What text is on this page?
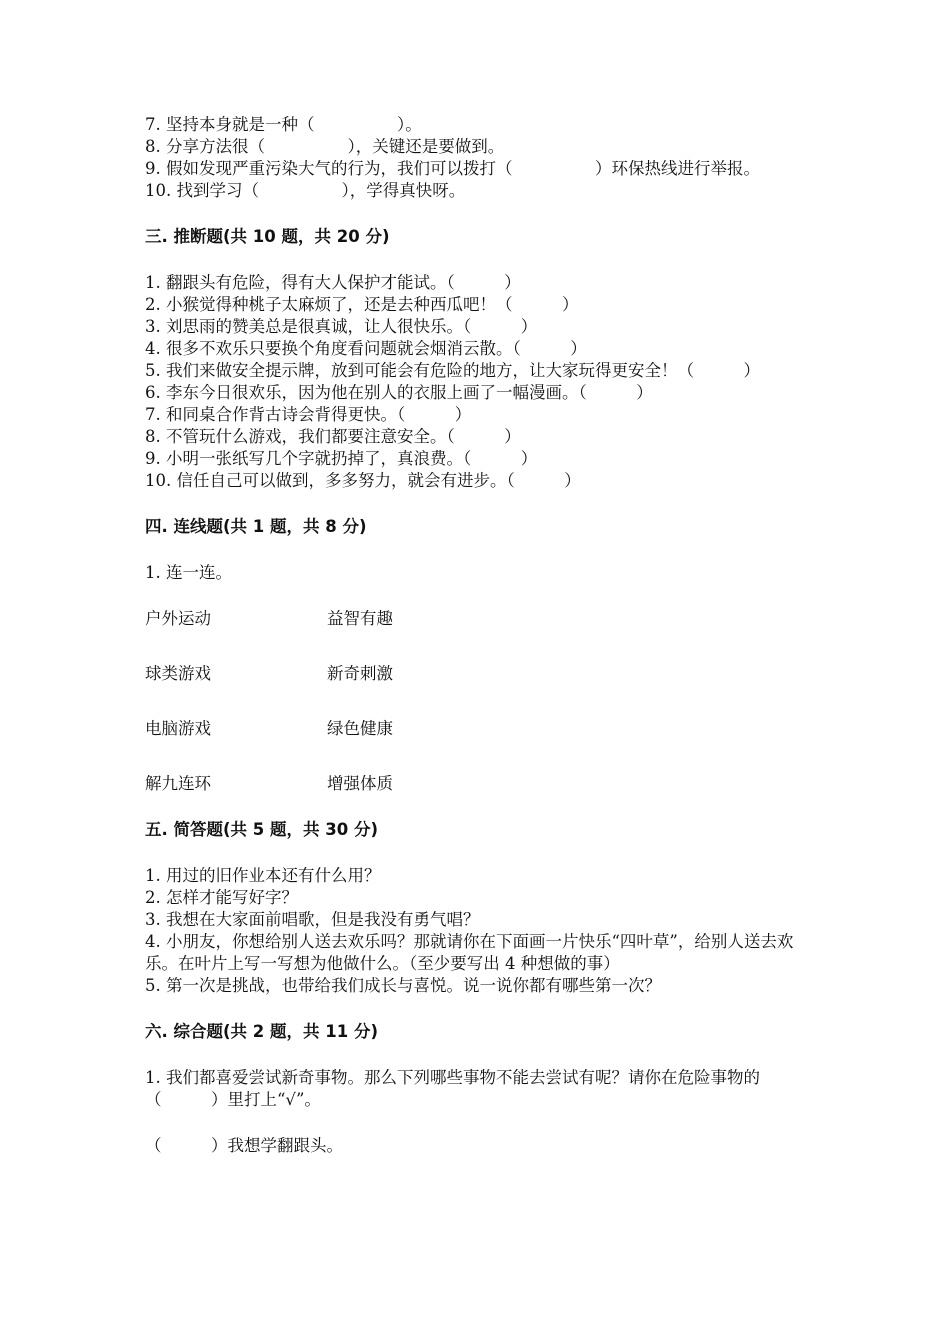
7. 坚持本身就是一种（　　　　　）。

8. 分享方法很（　　　　　），关键还是要做到。

9. 假如发现严重污染大气的行为，我们可以拨打（　　　　　）环保热线进行举报。

10. 找到学习（　　　　　），学得真快呀。

三. 推断题(共 10 题，共 20 分)

1. 翻跟头有危险，得有大人保护才能试。（　　　）

2. 小猴觉得种桃子太麻烦了，还是去种西瓜吧！（　　　）

3. 刘思雨的赞美总是很真诚，让人很快乐。（　　　）

4. 很多不欢乐只要换个角度看问题就会烟消云散。（　　　）

5. 我们来做安全提示牌，放到可能会有危险的地方，让大家玩得更安全！（　　　）

6. 李东今日很欢乐，因为他在别人的衣服上画了一幅漫画。（　　　）

7. 和同桌合作背古诗会背得更快。（　　　）

8. 不管玩什么游戏，我们都要注意安全。（　　　）

9. 小明一张纸写几个字就扔掉了，真浪费。（　　　）

10. 信任自己可以做到，多多努力，就会有进步。（　　　）

四. 连线题(共 1 题，共 8 分)

1. 连一连。

户外运动	益智有趣
球类游戏	新奇刺激
电脑游戏	绿色健康
解九连环	增强体质

五. 简答题(共 5 题，共 30 分)

1. 用过的旧作业本还有什么用？

2. 怎样才能写好字？

3. 我想在大家面前唱歌，但是我没有勇气唱？

4. 小朋友，你想给别人送去欢乐吗？那就请你在下面画一片快乐“四叶草”，给别人送去欢乐。在叶片上写一写想为他做什么。（至少要写出 4 种想做的事）

5. 第一次是挑战，也带给我们成长与喜悦。说一说你都有哪些第一次？

六. 综合题(共 2 题，共 11 分)

1. 我们都喜爱尝试新奇事物。那么下列哪些事物不能去尝试有呢？请你在危险事物的（　　　）里打上“√”。

（　　　）我想学翻跟头。
